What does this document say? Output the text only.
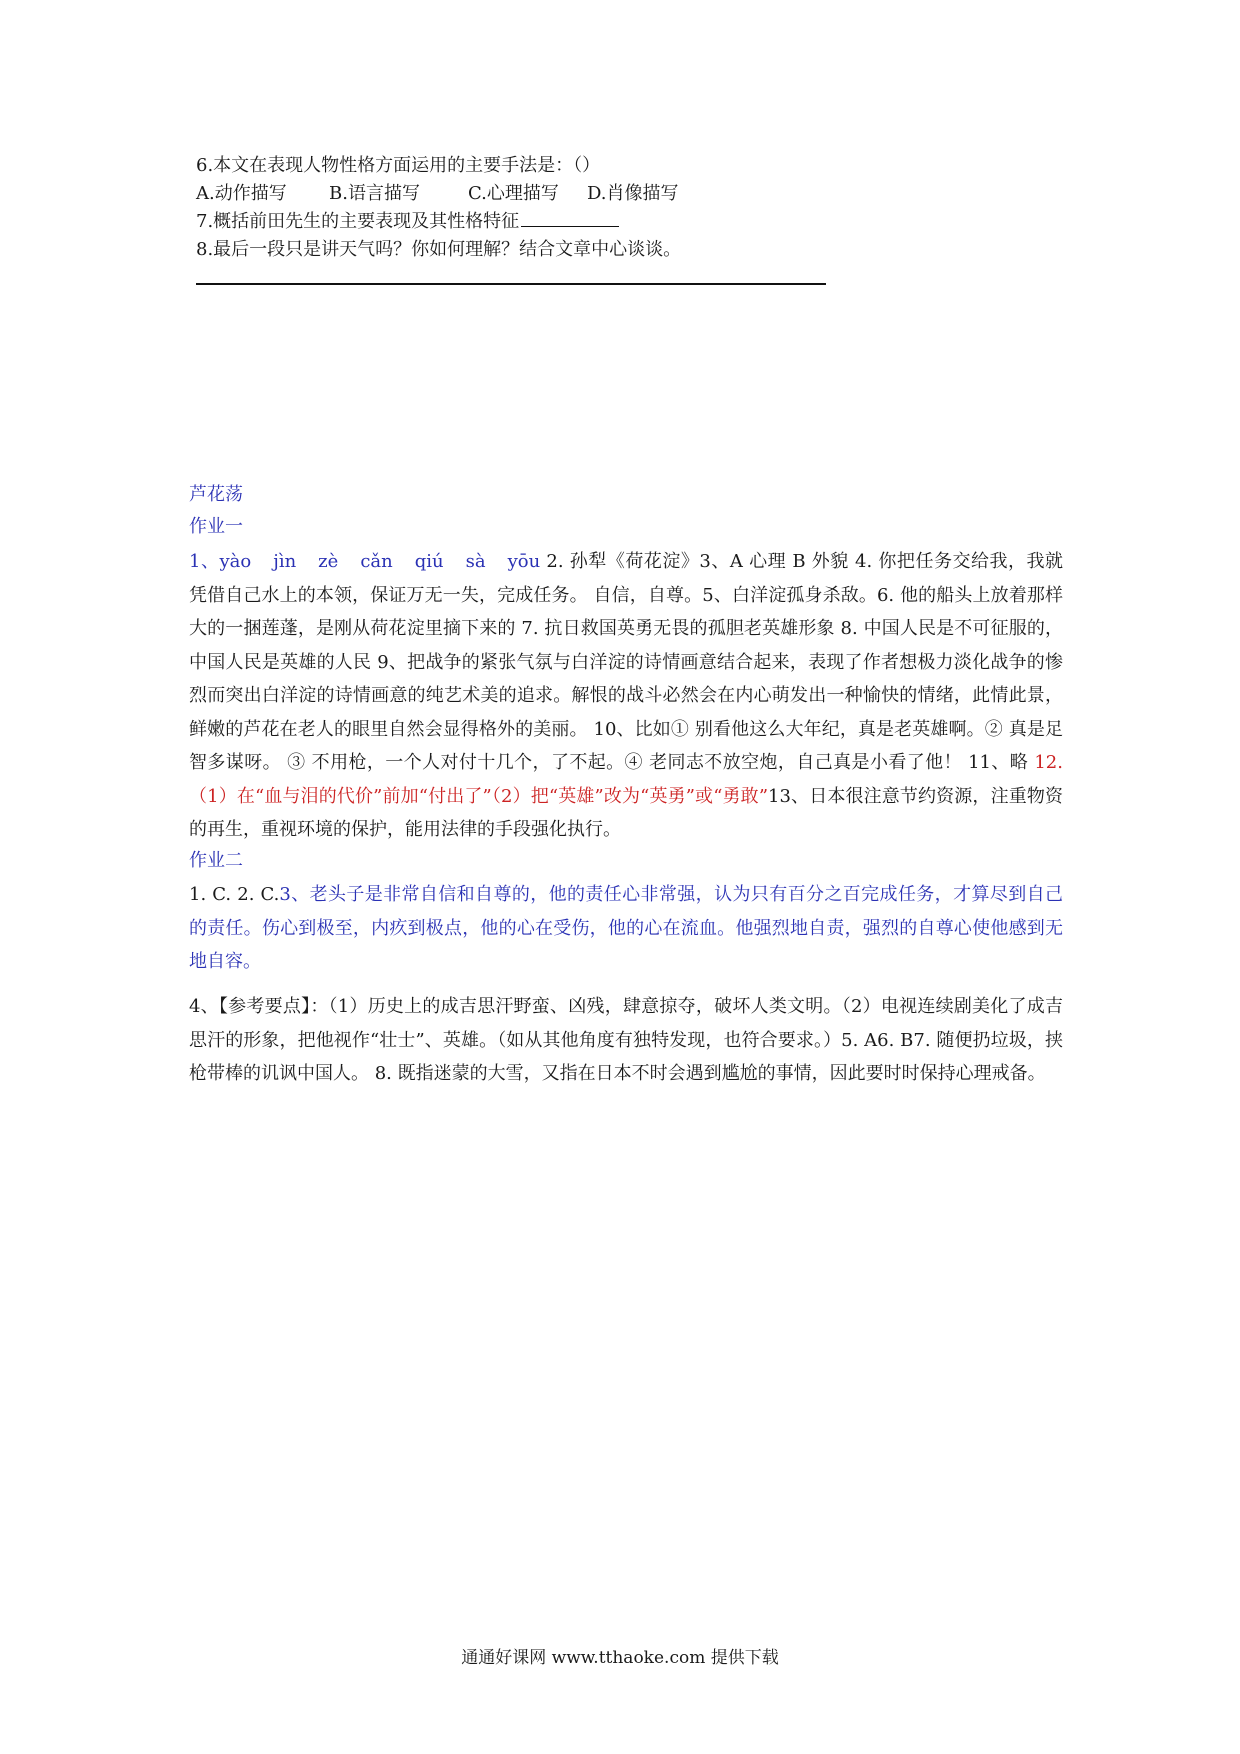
6.本文在表现人物性格方面运用的主要手法是：（）

A.动作描写 B.语言描写	C.心理描写 D.肖像描写

7.概括前田先生的主要表现及其性格特征

8.最后一段只是讲天气吗？你如何理解？结合文章中心谈谈。

芦花荡

作业一

1、yào jìn zè cǎn qiú sà yōu 2. 孙犁《荷花淀》3、A 心理 B 外貌 4. 你把任务交给我，我就凭借自己水上的本领，保证万无一失，完成任务。 自信，自尊。5、白洋淀孤身杀敌。6. 他的船头上放着那样大的一捆莲蓬，是刚从荷花淀里摘下来的 7. 抗日救国英勇无畏的孤胆老英雄形象 8. 中国人民是不可征服的，中国人民是英雄的人民 9、把战争的紧张气氛与白洋淀的诗情画意结合起来，表现了作者想极力淡化战争的惨烈而突出白洋淀的诗情画意的纯艺术美的追求。解恨的战斗必然会在内心萌发出一种愉快的情绪，此情此景，鲜嫩的芦花在老人的眼里自然会显得格外的美丽。 10、比如① 别看他这么大年纪，真是老英雄啊。② 真是足智多谋呀。 ③ 不用枪，一个人对付十几个，了不起。④ 老同志不放空炮，自己真是小看了他！ 11、略 12.（1）在“血与泪的代价”前加“付出了”（2）把“英雄”改为“英勇”或“勇敢”13、日本很注意节约资源，注重物资的再生，重视环境的保护，能用法律的手段强化执行。

作业二

1. C. 2. C.3、老头子是非常自信和自尊的，他的责任心非常强，认为只有百分之百完成任务，才算尽到自己的责任。伤心到极至，内疚到极点，他的心在受伤，他的心在流血。他强烈地自责，强烈的自尊心使他感到无地自容。

4、【参考要点】：（1）历史上的成吉思汗野蛮、凶残，肆意掠夺，破坏人类文明。（2）电视连续剧美化了成吉思汗的形象，把他视作“壮士”、英雄。（如从其他角度有独特发现，也符合要求。）5. A6. B7. 随便扔垃圾，挟枪带棒的讥讽中国人。 8. 既指迷蒙的大雪，又指在日本不时会遇到尴尬的事情，因此要时时保持心理戒备。

通通好课网 www.tthaoke.com 提供下载
